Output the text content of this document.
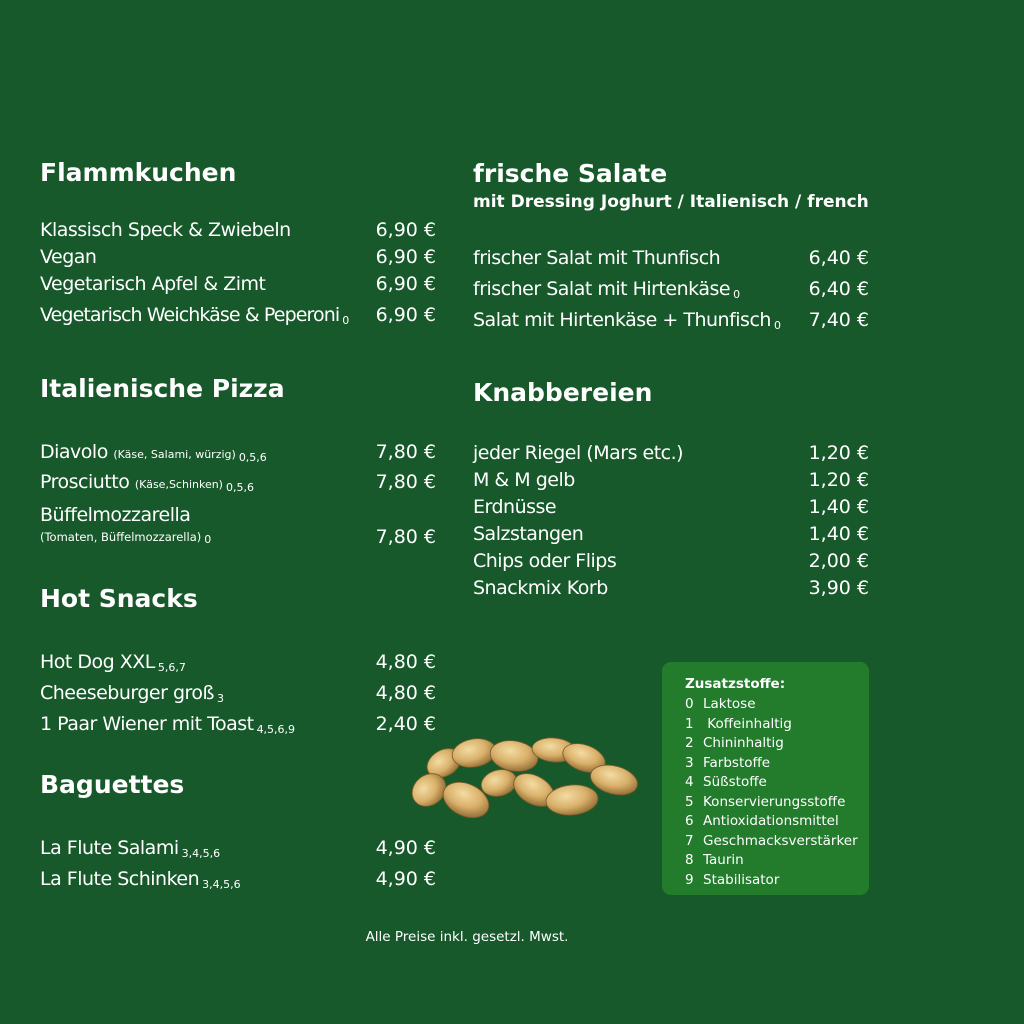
Flammkuchen
Klassisch Speck & Zwiebeln	6,90 €
Vegan	6,90 €
Vegetarisch Apfel & Zimt	6,90 €
Vegetarisch Weichkäse & Peperoni 0 6,90 €
Italienische Pizza
Diavolo (Käse, Salami, würzig) 0,5,6	7,80 €
Prosciutto (Käse,Schinken) 0,5,6	7,80 €
Büffelmozzarella
(Tomaten, Büffelmozzarella) 0	7,80 €
Hot Snacks
Hot Dog XXL 5,6,7	4,80 €
Cheeseburger groß 3	4,80 €
1 Paar Wiener mit Toast 4,5,6,9	2,40 €
Baguettes
La Flute Salami 3,4,5,6	4,90 €
La Flute Schinken 3,4,5,6	4,90 €
frische Salate
mit Dressing Joghurt / Italienisch / french
frischer Salat mit Thunfisch	6,40 €
frischer Salat mit Hirtenkäse 0	6,40 €
Salat mit Hirtenkäse + Thunfisch 0 7,40 €
Knabbereien
jeder Riegel (Mars etc.)	1,20 €
M & M gelb	1,20 €
Erdnüsse	1,40 €
Salzstangen	1,40 €
Chips oder Flips	2,00 €
Snackmix Korb	3,90 €
Zusatzstoffe:
0 Laktose
1 Koffeinhaltig
2 Chininhaltig
3 Farbstoffe
4 Süßstoffe
5 Konservierungsstoffe
6 Antioxidationsmittel
7 Geschmacksverstärker
8 Taurin
9 Stabilisator
Alle Preise inkl. gesetzl. Mwst.
